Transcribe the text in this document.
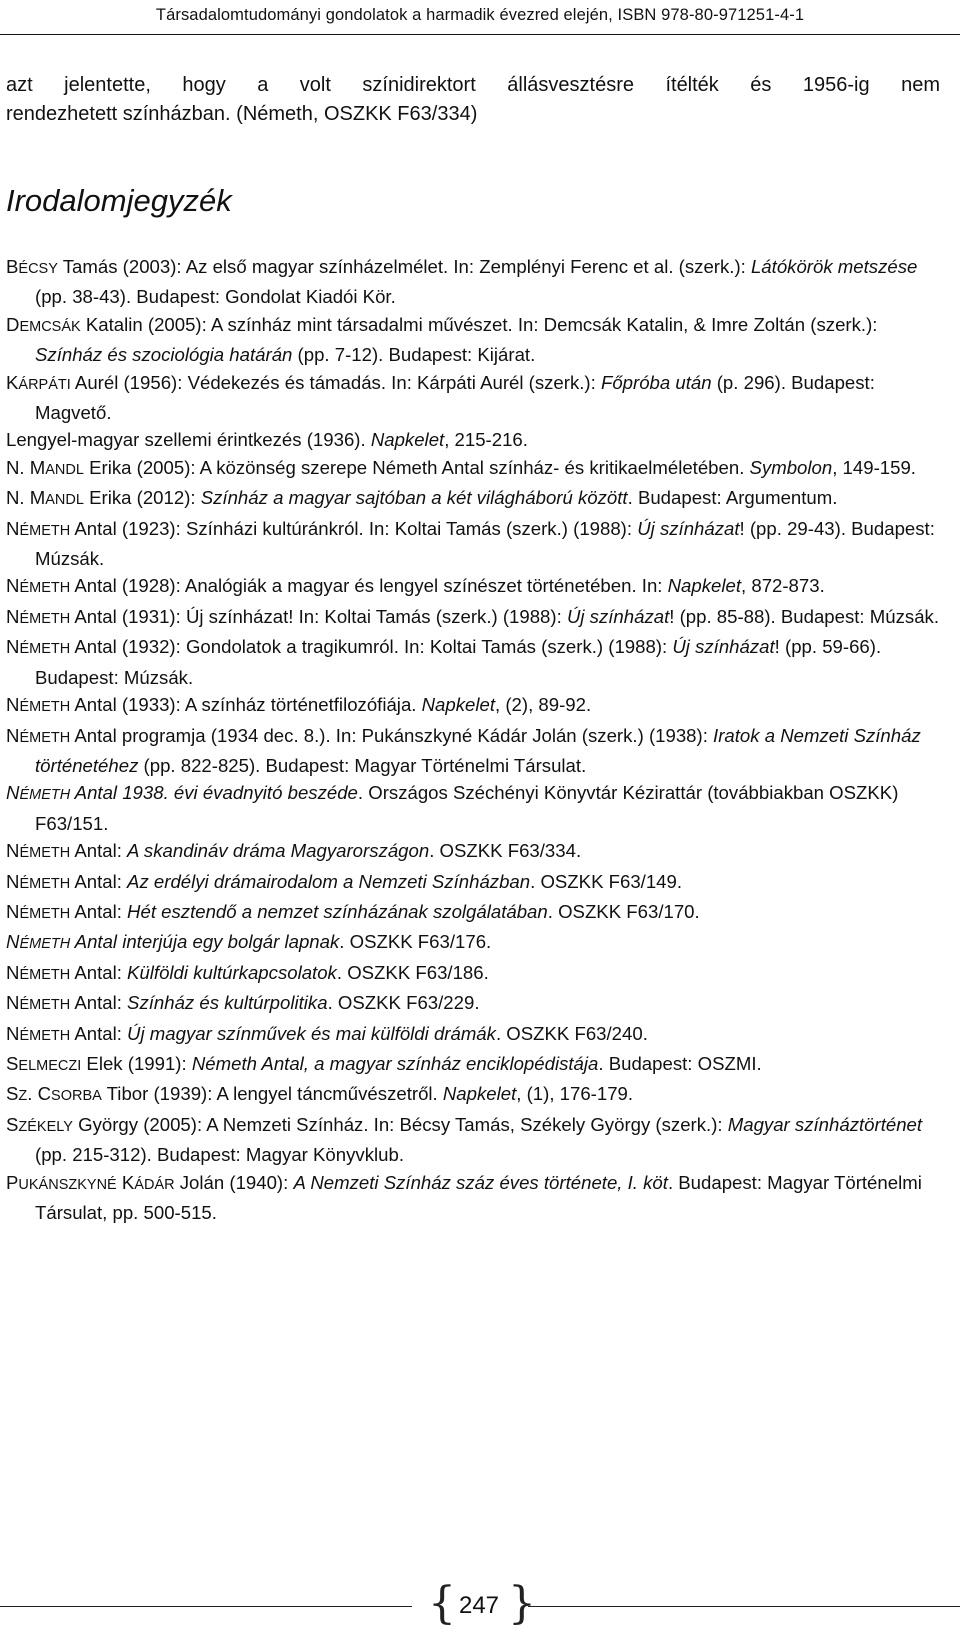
Társadalomtudományi gondolatok a harmadik évezred elején, ISBN 978-80-971251-4-1
azt jelentette, hogy a volt színidirektort állásvesztésre ítélték és 1956-ig nem
rendezhetett színházban. (Németh, OSZKK F63/334)
Irodalomjegyzék

BÉCSY Tamás (2003): Az első magyar színházelmélet. In: Zemplényi Ferenc et al. (szerk.): Látókörök metszése (pp. 38-43). Budapest: Gondolat Kiadói Kör.

DEMCSÁK Katalin (2005): A színház mint társadalmi művészet. In: Demcsák Katalin, & Imre Zoltán (szerk.): Színház és szociológia határán (pp. 7-12). Budapest: Kijárat.

KÁRPÁTI Aurél (1956): Védekezés és támadás. In: Kárpáti Aurél (szerk.): Főpróba után (p. 296). Budapest: Magvető.

Lengyel-magyar szellemi érintkezés (1936). Napkelet, 215-216.

N. MANDL Erika (2005): A közönség szerepe Németh Antal színház- és kritikaelméletében. Symbolon, 149-159.

N. MANDL Erika (2012): Színház a magyar sajtóban a két világháború között. Budapest: Argumentum.

NÉMETH Antal (1923): Színházi kultúránkról. In: Koltai Tamás (szerk.) (1988): Új színházat! (pp. 29-43). Budapest: Múzsák.

NÉMETH Antal (1928): Analógiák a magyar és lengyel színészet történetében. In: Napkelet, 872-873.

NÉMETH Antal (1931): Új színházat! In: Koltai Tamás (szerk.) (1988): Új színházat! (pp. 85-88). Budapest: Múzsák.

NÉMETH Antal (1932): Gondolatok a tragikumról. In: Koltai Tamás (szerk.) (1988): Új színházat! (pp. 59-66). Budapest: Múzsák.

NÉMETH Antal (1933): A színház történetfilozófiája. Napkelet, (2), 89-92.

NÉMETH Antal programja (1934 dec. 8.). In: Pukánszkyné Kádár Jolán (szerk.) (1938): Iratok a Nemzeti Színház történetéhez (pp. 822-825). Budapest: Magyar Történelmi Társulat.

NÉMETH Antal 1938. évi évadnyitó beszéde. Országos Széchényi Könyvtár Kézirattár (továbbiakban OSZKK) F63/151.

NÉMETH Antal: A skandináv dráma Magyarországon. OSZKK F63/334.

NÉMETH Antal: Az erdélyi drámairodalom a Nemzeti Színházban. OSZKK F63/149.

NÉMETH Antal: Hét esztendő a nemzet színházának szolgálatában. OSZKK F63/170.

NÉMETH Antal interjúja egy bolgár lapnak. OSZKK F63/176.

NÉMETH Antal: Külföldi kultúrkapcsolatok. OSZKK F63/186.

NÉMETH Antal: Színház és kultúrpolitika. OSZKK F63/229.

NÉMETH Antal: Új magyar színművek és mai külföldi drámák. OSZKK F63/240.

SELMECZI Elek (1991): Németh Antal, a magyar színház enciklopédistája. Budapest: OSZMI.

SZ. CSORBA Tibor (1939): A lengyel táncművészetről. Napkelet, (1), 176-179.

SZÉKELY György (2005): A Nemzeti Színház. In: Bécsy Tamás, Székely György (szerk.): Magyar színháztörténet (pp. 215-312). Budapest: Magyar Könyvklub.

PUKÁNSZKYNÉ KÁDÁR Jolán (1940): A Nemzeti Színház száz éves története, I. köt. Budapest: Magyar Történelmi Társulat, pp. 500-515.

{ 247 }
